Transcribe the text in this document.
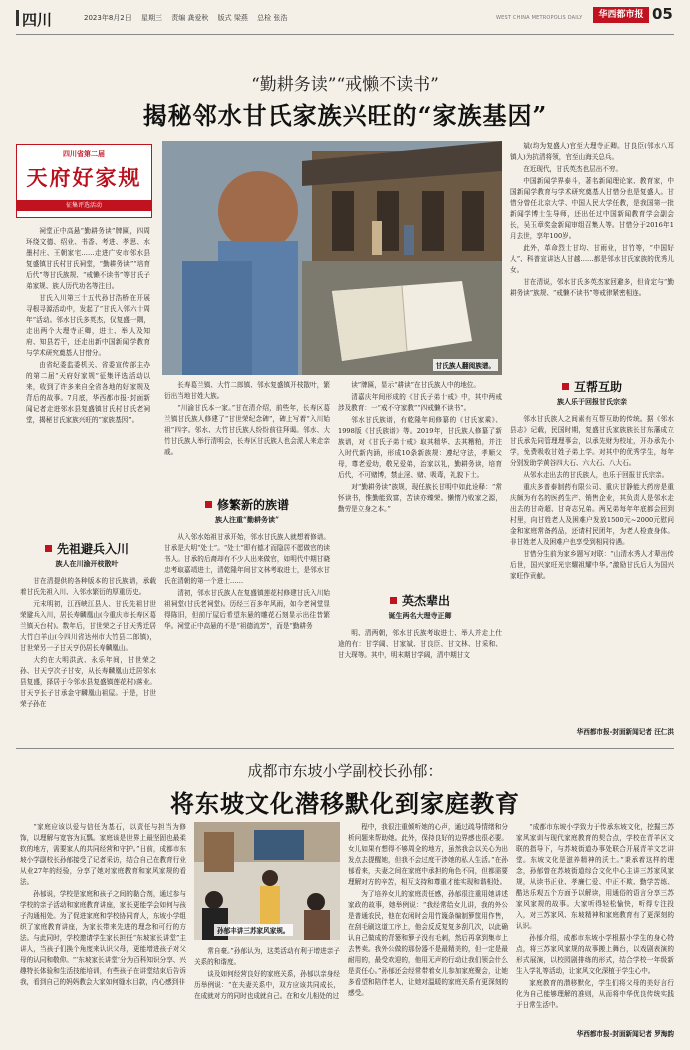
四川	2023年8月2日 星期三 责编 龚爱秋 版式 梁燕 总检 张浩	WEST CHINA METROPOLIS DAILY	华西都市报 05
“勤耕务读”“戒懒不读书”
揭秘邻水甘氏家族兴旺的“家族基因”
四川省第二届
天府好家规
征集评选活动

祠堂正中高悬“勤耕务读”牌匾，四周环绕文德、绍业、书香、考进、孝思、水墨村庄、王朝家宅……走进广安市邻水县复盛镇甘氏村甘氏祠堂，“勤耕务读”“培育后代”等甘氏族规、“戒懒不读书”等甘氏子弟家规、族人历代功名等注目。

甘氏入川第三十五代孙甘浩桥在开展寻根寻源活动中，发起了“甘氏入邻六十周年”活动。邻水甘氏多英杰，仅复盛一隅，走出两个大理寺正卿，进士、举人及知府、知县若干，还走出新中国新闻学教育与学术研究奠基人甘惜分。

由省纪委监委机关、省委宣传部主办的第二届“天府好家规”征集评选活动以来，收到了许多来自全省各地的好家规及背后的故事。7月底，华西都市报·封面新闻记者走进邻水县复盛镇甘氏村甘氏老祠堂，揭秘甘氏家族兴旺的“家族基因”。

先祖避兵入川
族人在川渝开枝散叶

甘在清提供的各种版本的甘氏族谱，承载着甘氏先祖入川、入邻水繁衍的厚重历史。

元末明初，江西峡江县人、甘氏先祖甘世荣避兵入川，居长寿麟凰山(今重庆市长寿区葛兰镇天台村)。数年后，甘世荣之子甘天秀迁居大竹白羊山(今四川省达州市大竹县二郎镇)，甘世荣另一子甘天亨仍居长寿麟凰山。

大约在大明洪武、永乐年间，甘世荣之孙、甘天亨次子甘安，从长寿麟凰山迁居邻水县复盛，择居于今邻水县复盛镇莲花村)落业。甘天亨长子甘承金守麟凰山祖屋。于是，甘世荣子孙在

甘氏族人翻阅族谱。

长寿葛兰镇、大竹二郎镇、邻水复盛镇开枝散叶，繁衍出当地甘姓大族。

“川渝甘氏本一家。”甘在清介绍，前些年，长寿区葛兰镇甘氏族人修建了“甘世荣纪念碑”，碑上写着“入川始祖”四字。邻水、大竹甘氏族人纷纷前往拜谒。邻水、大竹甘氏族人举行清明会，长寿区甘氏族人也会派人来走亲戚。

修繁新的族谱
族人注重“勤耕务读”

从入邻水始祖甘承开始，邻水甘氏族人就想着修谱。甘承是大明“处士”。“处士”即有德才而隐居不愿做官的读书人。甘承的后裔却有不少人出来做官，如明代中期甘晓忠考取嘉靖进士，清乾隆年间甘文林考取进士，是邻水甘氏在清朝的第一个进士……

清初，邻水甘氏族人在复盛镇莲花村修建甘氏入川始祖祠堂(甘氏老祠堂)。历经三百多年风雨，如今老祠堂显得陈旧，但前厅屋后希望东悬的雕花石刻显示出往昔繁华。祠堂正中高悬的不是“祖德流芳”，而是“勤耕务

读”牌匾，显示“耕读”在甘氏族人中的地位。

清嘉庆年间形成的《甘氏子弟十戒》中，其中两戒涉及教育：一“戒不守家教”“四戒懒不读书”。

邻水甘氏族谱，有乾隆年间修纂的《甘氏家乘》、1998版《甘氏族谱》等。2019年，甘氏族人修纂了新族谱，对《甘氏子弟十戒》取其精华、去其糟粕，并注入时代新内涵，形成10条新族规：遵纪守法，孝顺父母，尊老爱幼，敬兄爱弟，治家以礼，勤耕务读，培育后代，不可赌博，禁止淫、赌、吸毒，礼貌下士。

对“勤耕务读”族规，现任族长甘明中如此诠释：“常怀读书，惟勤能致富，苦读亦臻荣。懒惰乃败家之源，勤劳是立身之本。”

英杰辈出
诞生两名大理寺正卿

明、清两朝，邻水甘氏族考取进士、举人并走上仕途的有：甘学阔、甘家斌、甘良臣、甘文林、甘采和、甘大琛等。其中，明末期甘学阔，清中期甘文

斌(均为复盛人)官至大理寺正卿。甘良臣(邻水八耳镇人)为抗清将领，官至山海关总兵。

在近现代，甘氏英杰也层出不穷。

中国新闻学界泰斗，著名新闻理论家、教育家，中国新闻学教育与学术研究奠基人甘惜分也是复盛人。甘惜分曾任北京大学、中国人民大学任教，是我国第一批新闻学博士生导师，还出任过中国新闻教育学会副会长，吴玉章奖金新闻审组召集人等。甘惜分于2016年1月去世，享年100岁。

此外，革命烈士甘均、甘雨业，甘竹等，“中国好人”、科普宣讲达人甘越……都是邻水甘氏家族的优秀儿女。

甘在清说，邻水甘氏多英杰家回避多，但肯定与“勤耕务读”族规、“戒懒不读书”等戒律紧密相连。

互帮互助
族人乐于回报甘氏宗亲

邻水甘氏族人之间素有互帮互助的传统。据《邻水县志》记载，民国时期，复盛甘氏家族族长甘东藩成立甘氏承先同管理理事会，以承先财为校址，开办承先小学，免费吸收甘姓子弟上学。对其中的优秀学生，每年分别发助学黄谷四大石、六大石、八大石。

从邻水走出去的甘氏族人，也乐于回报甘氏宗亲。

重庆多普泰制药有限公司、重庆甘静能大药房是重庆颇为有名的医药生产、销售企业，其负责人是邻水走出去的甘奇超、甘奇志兄弟。两兄弟每年年底都会回到村里，向甘姓老人及困难户发放1500元~2000元慰问金和家庭常备药品，还请村民团年，为老人检查身体。非甘姓老人及困难户也享受到相同待遇。

甘惜分生前为家乡题写对联：“山清水秀人才辈出传后世，国兴家旺光宗耀祖耀中华。”激励甘氏后人为国兴家旺作贡献。

华西都市报-封面新闻记者 汪仁洪
成都市东坡小学副校长孙郁：
将东坡文化潜移默化到家庭教育

“家庭应该以爱与信任为基石，以责任与担当为修饰，以理解与宽容为瓦瓢。家庭该是世界上最坚固也最柔软的地方，需要家人的共同经营和守护。”日前，成都市东坡小学副校长孙郁接受了记者采访，结合自己在教育行业从业27年的经验，分享了她对家庭教育和家风家规的看法。

孙郁说，学校是家庭和孩子之间的黏合剂，通过参与学校的亲子活动和家庭教育讲座，家长更能学会如何与孩子沟通相处。为了促进家庭和学校协同育人，东坡小学组织了家庭教育讲座，为家长带来先进的理念和可行的方法。与此同时，学校邀请学生家长担任“东坡家长讲堂”主讲人，当孩子们换个角度来认识父母，更能增进孩子对父母的认同和敬仰。“‘东坡家长讲堂’分为百科知识分享、兴趣特长体验和生活技能培训，有些孩子在讲堂结束后告诉我，看到自己的妈妈教会大家如何缝水目款，内心感到非

孙郁丰讲三苏家风家规。

常自豪。”孙郁认为，这类活动有利于增进亲子关系的和谐度。

谈及如何经营良好的家庭关系，孙郁以亲身经历举例说：“在夫妻关系中，双方应该共同成长，在成就对方的同时也成就自己。在和女儿相处的过

程中，我很注重倾听她的心声，通过疏导情绪和分析问题来帮助她。此外，保持良好的边界感也很必要。女儿如果有想得不够周全的地方，虽然我会以关心为出发点去提醒她，但我不会过度干涉她的私人生活。”在孙郁看来，夫妻之间在家庭中承担的角色不同，但都需要理解对方的辛苦，相互支持和尊重才能实现和谐相处。

为了培养女儿的家庭责任感，孙郁很注重用她讲述家政的故事，她举例说：“我经常给女儿讲，我的外公是普通农民，他在农闲时会用竹篾条编制箩筐用作售，在刮毛刷这道工序上，他会反反复复多刮几次，以此确认自己做成的背篓和箩子没有毛刺，然后再拿到集市上去售卖。我外公做的那份器不是最精美的，但一定是最耐用的，最受欢迎的，他用无声的行动让我们领会什么是责任心。”孙郁还会经常带着女儿参加家庭聚会，让她多看望和陪伴老人，让她对温暖的家庭关系有更深刻的感受。

“成都市东坡小学致力于传承东坡文化，挖掘三苏家风家训与现代家庭教育的契合点，学校在青羊区文联的指导下，与苏坡街道办事处联合开展青羊文艺讲堂。东坡文化是滋养精神的沃土。”秉承着这样的理念，孙郁曾在苏坡街道综合文化中心主讲三苏家风家规，从读书正业、孝廉仁爱、中正不欺、勤学苦练、酷达乐观五个方面予以解读，用通俗的语言分享三苏家风家规的故事。大家听得轻松愉快，听得专注投入，对三苏家风、东坡精神和家庭教育有了更深刻的认识。

孙郁介绍，成都市东坡小学根据小学生的身心特点，将三苏家风家规的故事搬上舞台，以戏剧表演的形式展演，以校园剧排练的形式，结合学校一年级新生入学礼等活动，让家风文化深植于学生心中。

家庭教育的潜移默化，学生们将父母的美好言行化为自己能够理解的准则，从而将中华优良传统实践于日常生活中。

华西都市报-封面新闻记者 罗海韵
